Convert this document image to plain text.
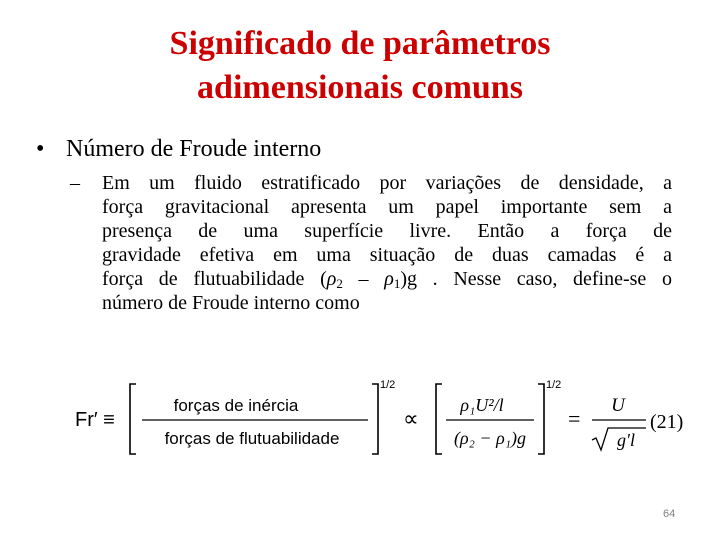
Significado de parâmetros
adimensionais comuns
• Número de Froude interno
– Em um fluido estratificado por variações de densidade, a
força gravitacional apresenta um papel importante sem a
presença de uma superfície livre. Então a força de
gravidade efetiva em uma situação de duas camadas é a
força de flutuabilidade $(\rho_2 - \rho_1)g$ . Nesse caso, define-se o
número de Froude interno como
Fr′ ≡
forças de inércia
forças de flutuabilidade
1/2
∝
ρ₁U²/l
(ρ₂ − ρ₁)g
1/2
=
U
g′l
(21)
64
